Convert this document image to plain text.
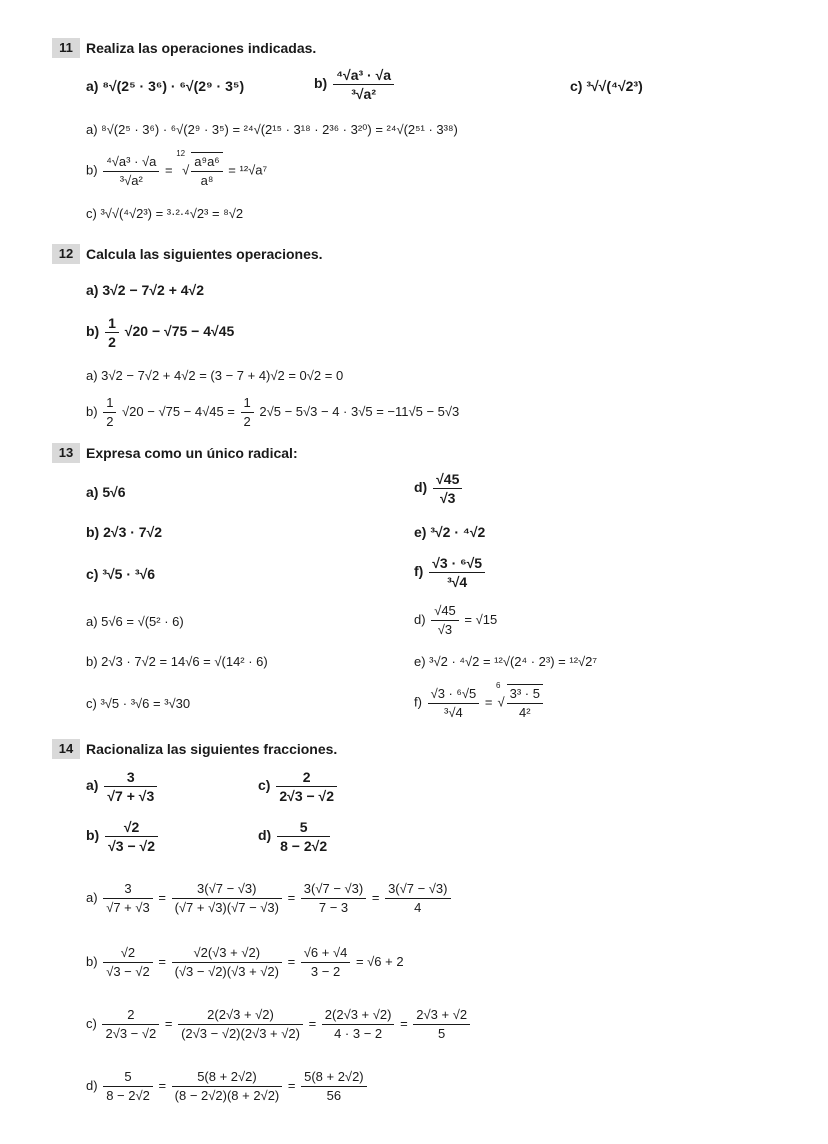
11 Realiza las operaciones indicadas.
a) ⁸√(2⁵ · 3⁶) · ⁶√(2⁹ · 3⁵)	$b) \frac{\text{⁴√a³ · √a}}{\text{³√a²}}$	c) ³√√(⁴√2³)
a) ⁸√(2⁵ · 3⁶) · ⁶√(2⁹ · 3⁵) = ²⁴√(2¹⁵ · 3¹⁸ · 2³⁶ · 3²⁰) = ²⁴√(2⁵¹ · 3³⁸)
$b) \frac{\text{⁴√a³ · √a}}{\text{³√a²}} = ^{12}√ \frac{\text{a⁹a⁶}}{\text{a⁸}} = ^{12}√a^7$
c) ³√√(⁴√2³) = ³·²·⁴√2³ = ⁸√2
12 Calcula las siguientes operaciones.
a) 3√2 − 7√2 + 4√2
$b) \frac{1}{2} √20 - √75 - 4√45$
a) 3√2 − 7√2 + 4√2 = (3 − 7 + 4)√2 = 0√2 = 0
$b) \frac{1}{2} √20 - √75 - 4√45 = \frac{1}{2} 2√5 - 5√3 - 4 \cdot 3√5 = -11√5 - 5√3$
13 Expresa como un único radical:
a) 5√6
b) 2√3 · 7√2
c) ³√5 · ³√6
$d) \frac{√45}{√3}$
e) ³√2 · ⁴√2
$f) \frac{\text{√3 · ⁶√5}}{\text{³√4}}$
a) 5√6 = √(5² · 6)
b) 2√3 · 7√2 = 14√6 = √(14² · 6)
c) ³√5 · ³√6 = ³√30
$d) \frac{√45}{√3} = √15$
e) ³√2 · ⁴√2 = ¹²√(2⁴ · 2³) = ¹²√2⁷
$f) \frac{\text{√3 · ⁶√5}}{\text{³√4}} = ^6√ \frac{\text{3³ · 5}}{\text{4²}}$
14 Racionaliza las siguientes fracciones.
$a) \frac{3}{√7 + √3}$	$c) \frac{2}{2√3 - √2}$
$b) \frac{√2}{√3 - √2}$	$d) \frac{5}{8 - 2√2}$
$a) \frac{3}{√7 + √3} = \frac{3(√7 - √3)}{(√7 + √3)(√7 - √3)} = \frac{3(√7 - √3)}{7 - 3} = \frac{3(√7 - √3)}{4}$
$b) \frac{√2}{√3 - √2} = \frac{√2(√3 + √2)}{(√3 - √2)(√3 + √2)} = \frac{√6 + √4}{3 - 2} = √6 + 2$
$c) \frac{2}{2√3 - √2} = \frac{2(2√3 + √2)}{(2√3 - √2)(2√3 + √2)} = \frac{2(2√3 + √2)}{4 \cdot 3 - 2} = \frac{2√3 + √2}{5}$
$d) \frac{5}{8 - 2√2} = \frac{5(8 + 2√2)}{(8 - 2√2)(8 + 2√2)} = \frac{5(8 + 2√2)}{56}$
